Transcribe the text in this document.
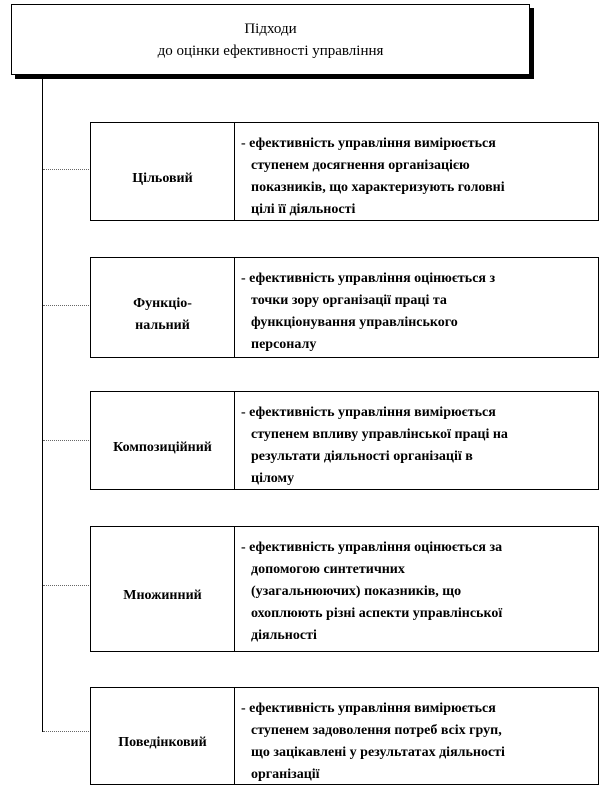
Підходи
до оцінки ефективності управління
Цільовий
- ефективність управління вимірюється
ступенем досягнення організацією
показників, що характеризують головні
цілі її діяльності
Функціо-
нальний
- ефективність управління оцінюється з
точки зору організації праці та
функціонування управлінського
персоналу
Композиційний
- ефективність управління вимірюється
ступенем впливу управлінської праці на
результати діяльності організації в
цілому
Множинний
- ефективність управління оцінюється за
допомогою синтетичних
(узагальнюючих) показників, що
охоплюють різні аспекти управлінської
діяльності
Поведінковий
- ефективність управління вимірюється
ступенем задоволення потреб всіх груп,
що зацікавлені у результатах діяльності
організації
